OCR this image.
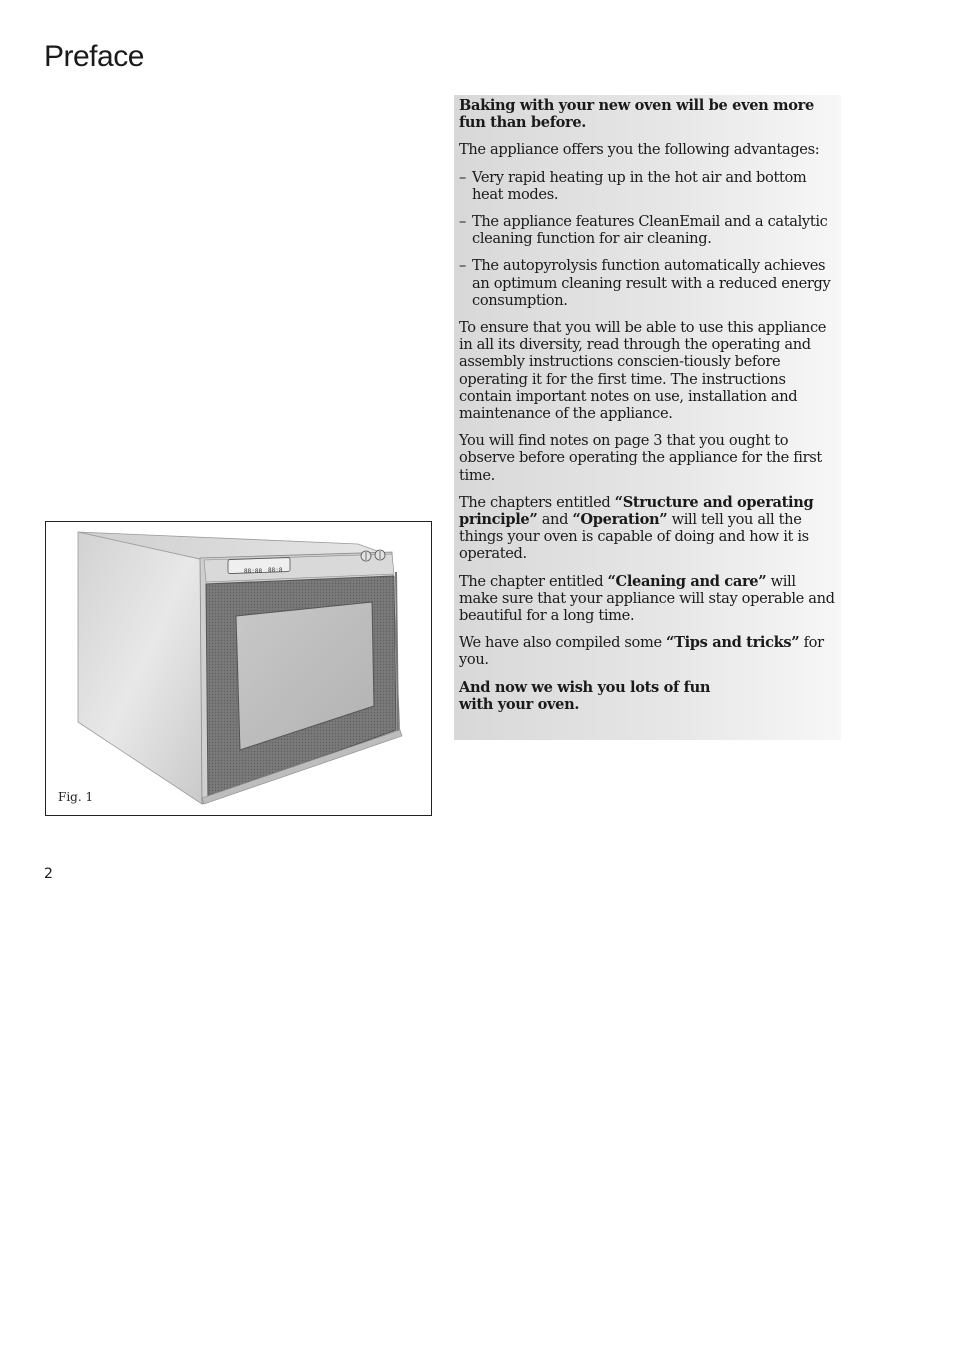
Preface

Baking with your new oven will be even more fun than before.

The appliance offers you the following advantages:

– Very rapid heating up in the hot air and bottom heat modes.
– The appliance features CleanEmail and a catalytic cleaning function for air cleaning.
– The autopyrolysis function automatically achieves an optimum cleaning result with a reduced energy consumption.

To ensure that you will be able to use this appliance in all its diversity, read through the operating and assembly instructions conscien-tiously before operating it for the first time. The instructions contain important notes on use, installation and maintenance of the appliance.

You will find notes on page 3 that you ought to observe before operating the appliance for the first time.

The chapters entitled “Structure and operating principle” and “Operation” will tell you all the things your oven is capable of doing and how it is operated.

The chapter entitled “Cleaning and care” will make sure that your appliance will stay operable and beautiful for a long time.

We have also compiled some “Tips and tricks” for you.

And now we wish you lots of fun
with your oven.

88:88 88:8
Fig. 1
2
